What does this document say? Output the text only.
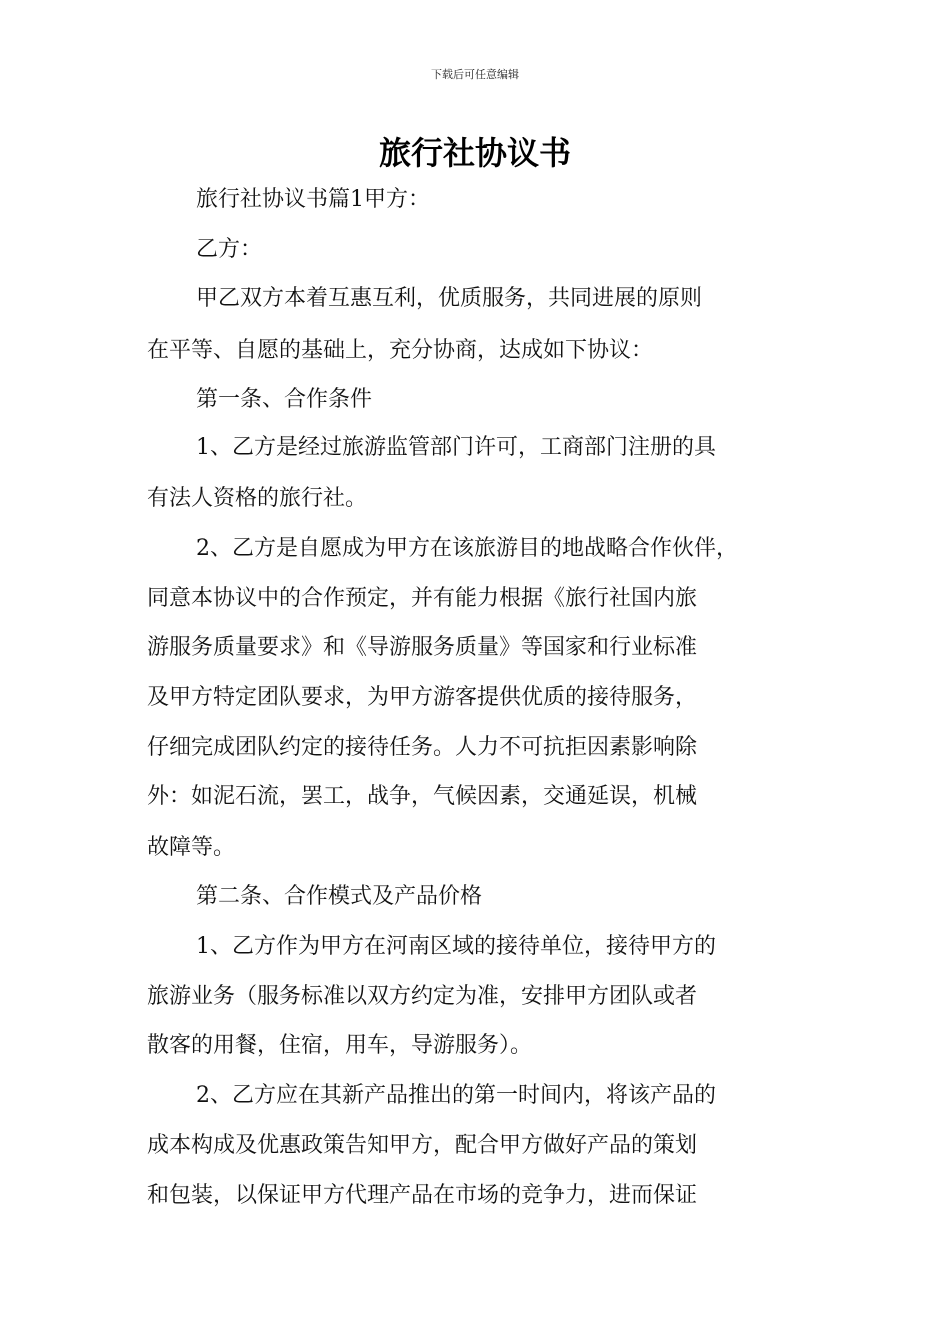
下载后可任意编辑
旅行社协议书
旅行社协议书篇1甲方：
乙方：
甲乙双方本着互惠互利，优质服务，共同进展的原则
在平等、自愿的基础上，充分协商，达成如下协议：
第一条、合作条件
1、乙方是经过旅游监管部门许可，工商部门注册的具
有法人资格的旅行社。
2、乙方是自愿成为甲方在该旅游目的地战略合作伙伴，
同意本协议中的合作预定，并有能力根据《旅行社国内旅
游服务质量要求》和《导游服务质量》等国家和行业标准
及甲方特定团队要求，为甲方游客提供优质的接待服务，
仔细完成团队约定的接待任务。人力不可抗拒因素影响除
外：如泥石流，罢工，战争，气候因素，交通延误，机械
故障等。
第二条、合作模式及产品价格
1、乙方作为甲方在河南区域的接待单位，接待甲方的
旅游业务（服务标准以双方约定为准，安排甲方团队或者
散客的用餐，住宿，用车，导游服务）。
2、乙方应在其新产品推出的第一时间内，将该产品的
成本构成及优惠政策告知甲方，配合甲方做好产品的策划
和包装，以保证甲方代理产品在市场的竞争力，进而保证
